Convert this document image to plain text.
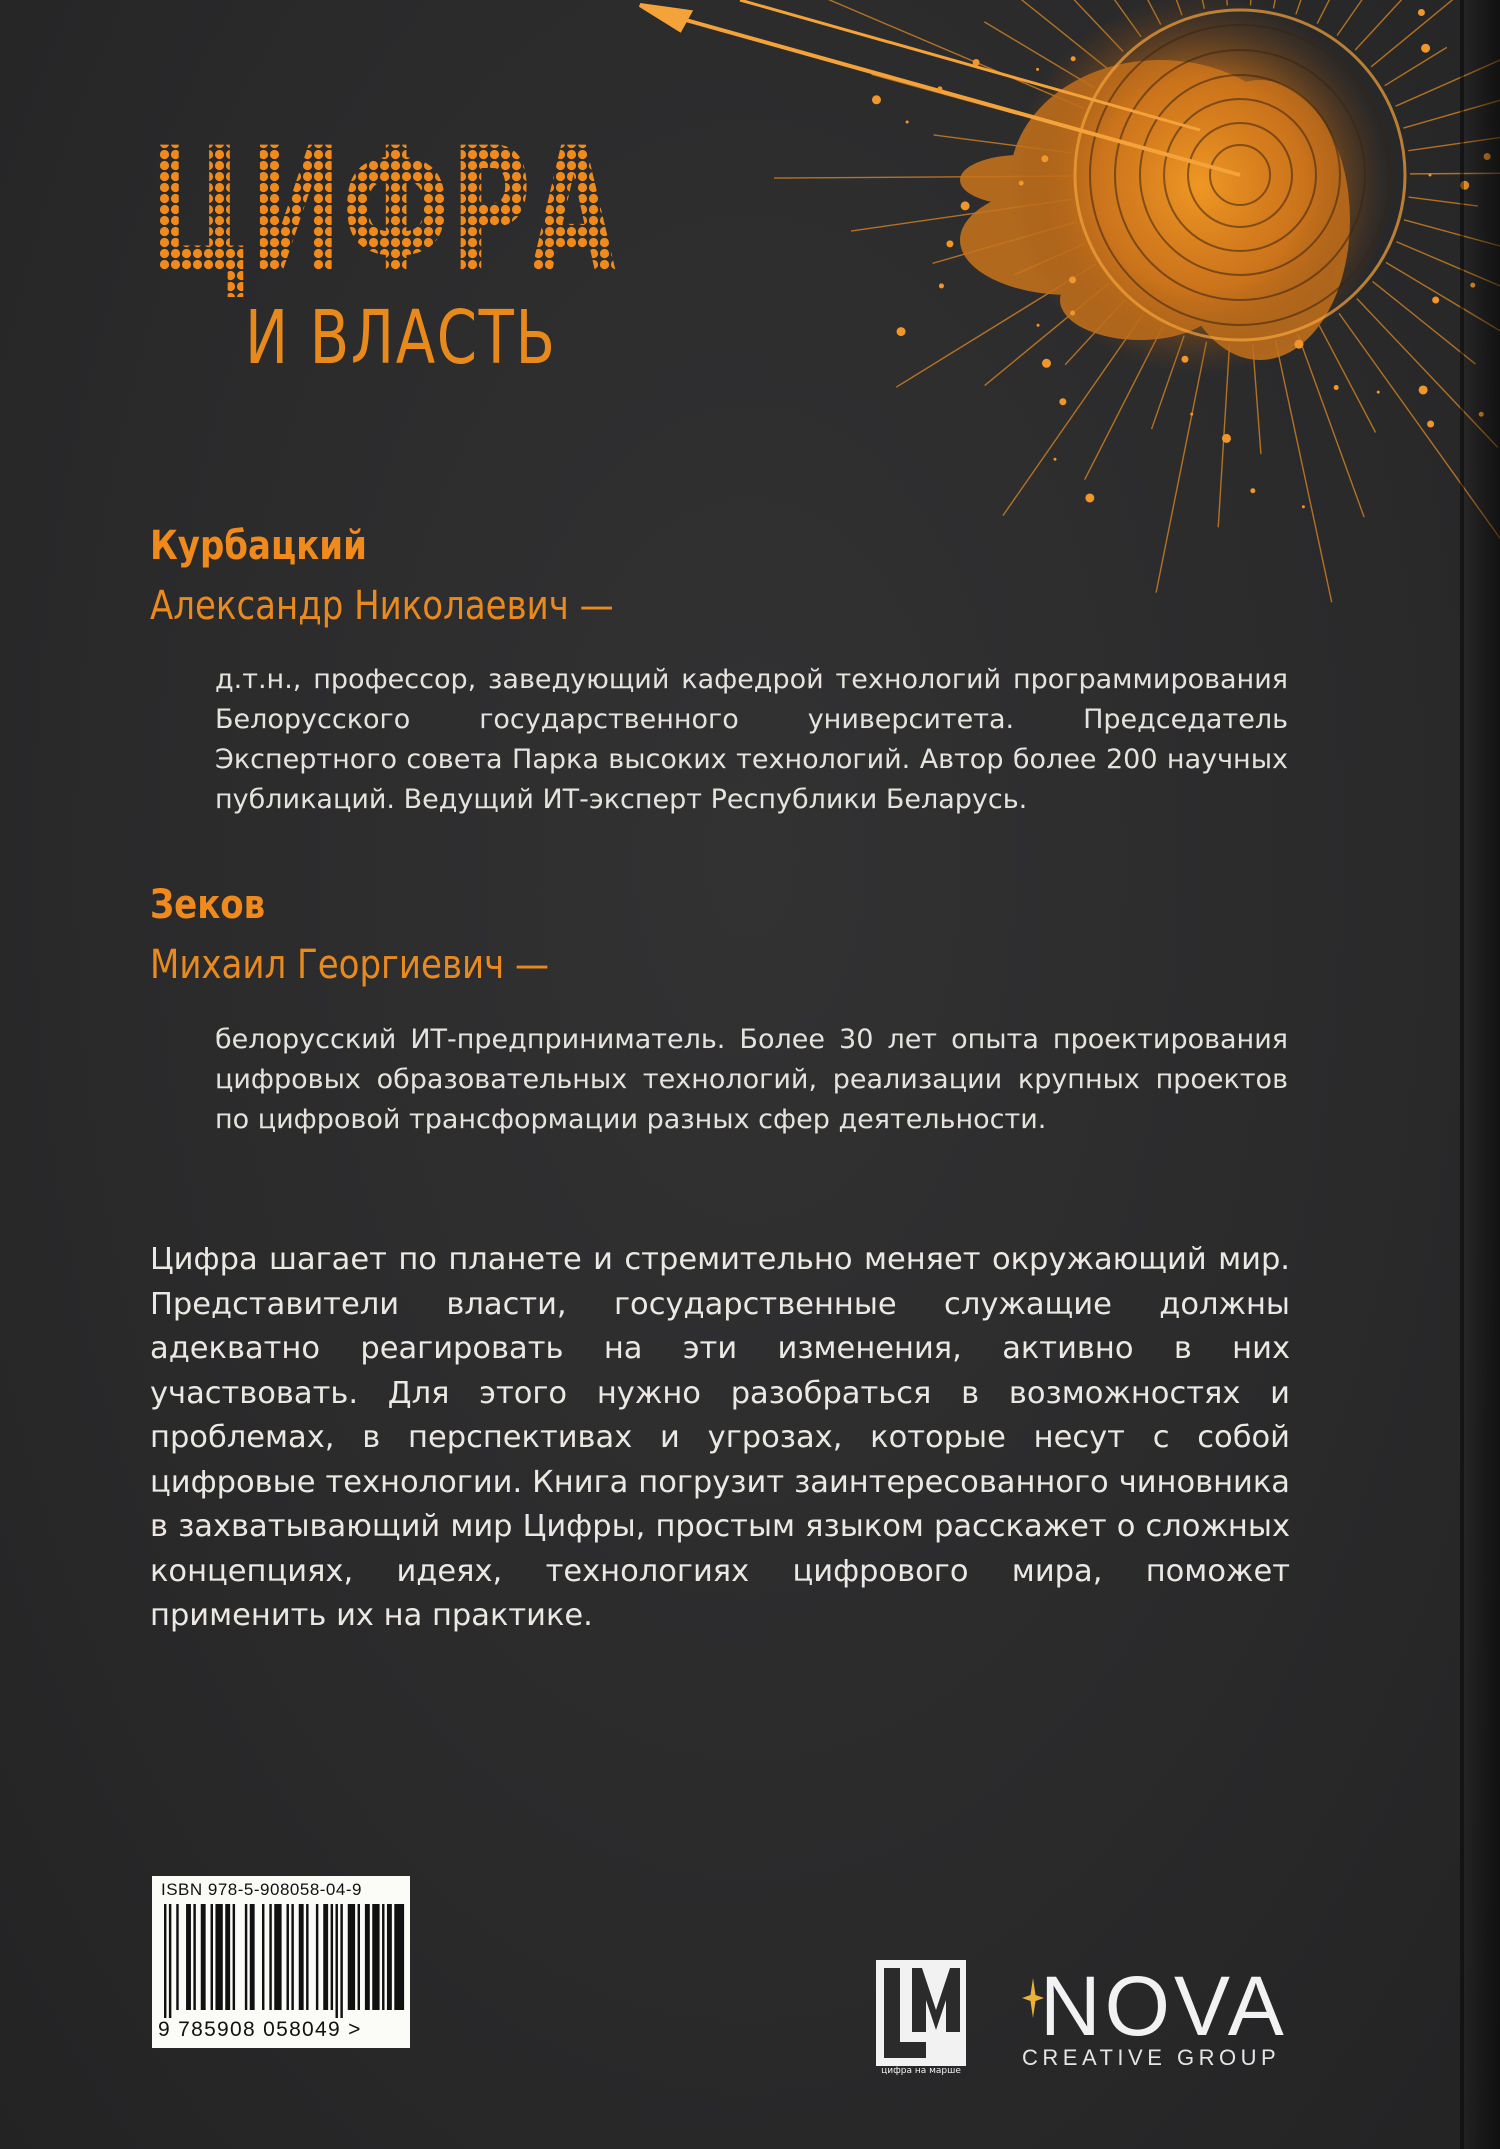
ЦИФРА
И ВЛАСТЬ
Курбацкий
Александр Николаевич —
д.т.н., профессор, заведующий кафедрой технологий программирования Белорусского государственного университета. Председатель Экспертного совета Парка высоких технологий. Автор более 200 научных публикаций. Ведущий ИТ-эксперт Республики Беларусь.
Зеков
Михаил Георгиевич —
белорусский ИТ-предприниматель. Более 30 лет опыта проектирования цифровых образовательных технологий, реализации крупных проектов по цифровой трансформации разных сфер деятельности.
Цифра шагает по планете и стремительно меняет окружающий мир. Представители власти, государственные служащие должны адекватно реагировать на эти изменения, активно в них участвовать. Для этого нужно разобраться в возможностях и проблемах, в перспективах и угрозах, которые несут с собой цифровые технологии. Книга погрузит заинтересованного чиновника в захватывающий мир Цифры, простым языком расскажет о сложных концепциях, идеях, технологиях цифрового мира, поможет применить их на практике.
ISBN 978-5-908058-04-9
9 785908 058049 >
цифра на марше
NOVA
CREATIVE GROUP
